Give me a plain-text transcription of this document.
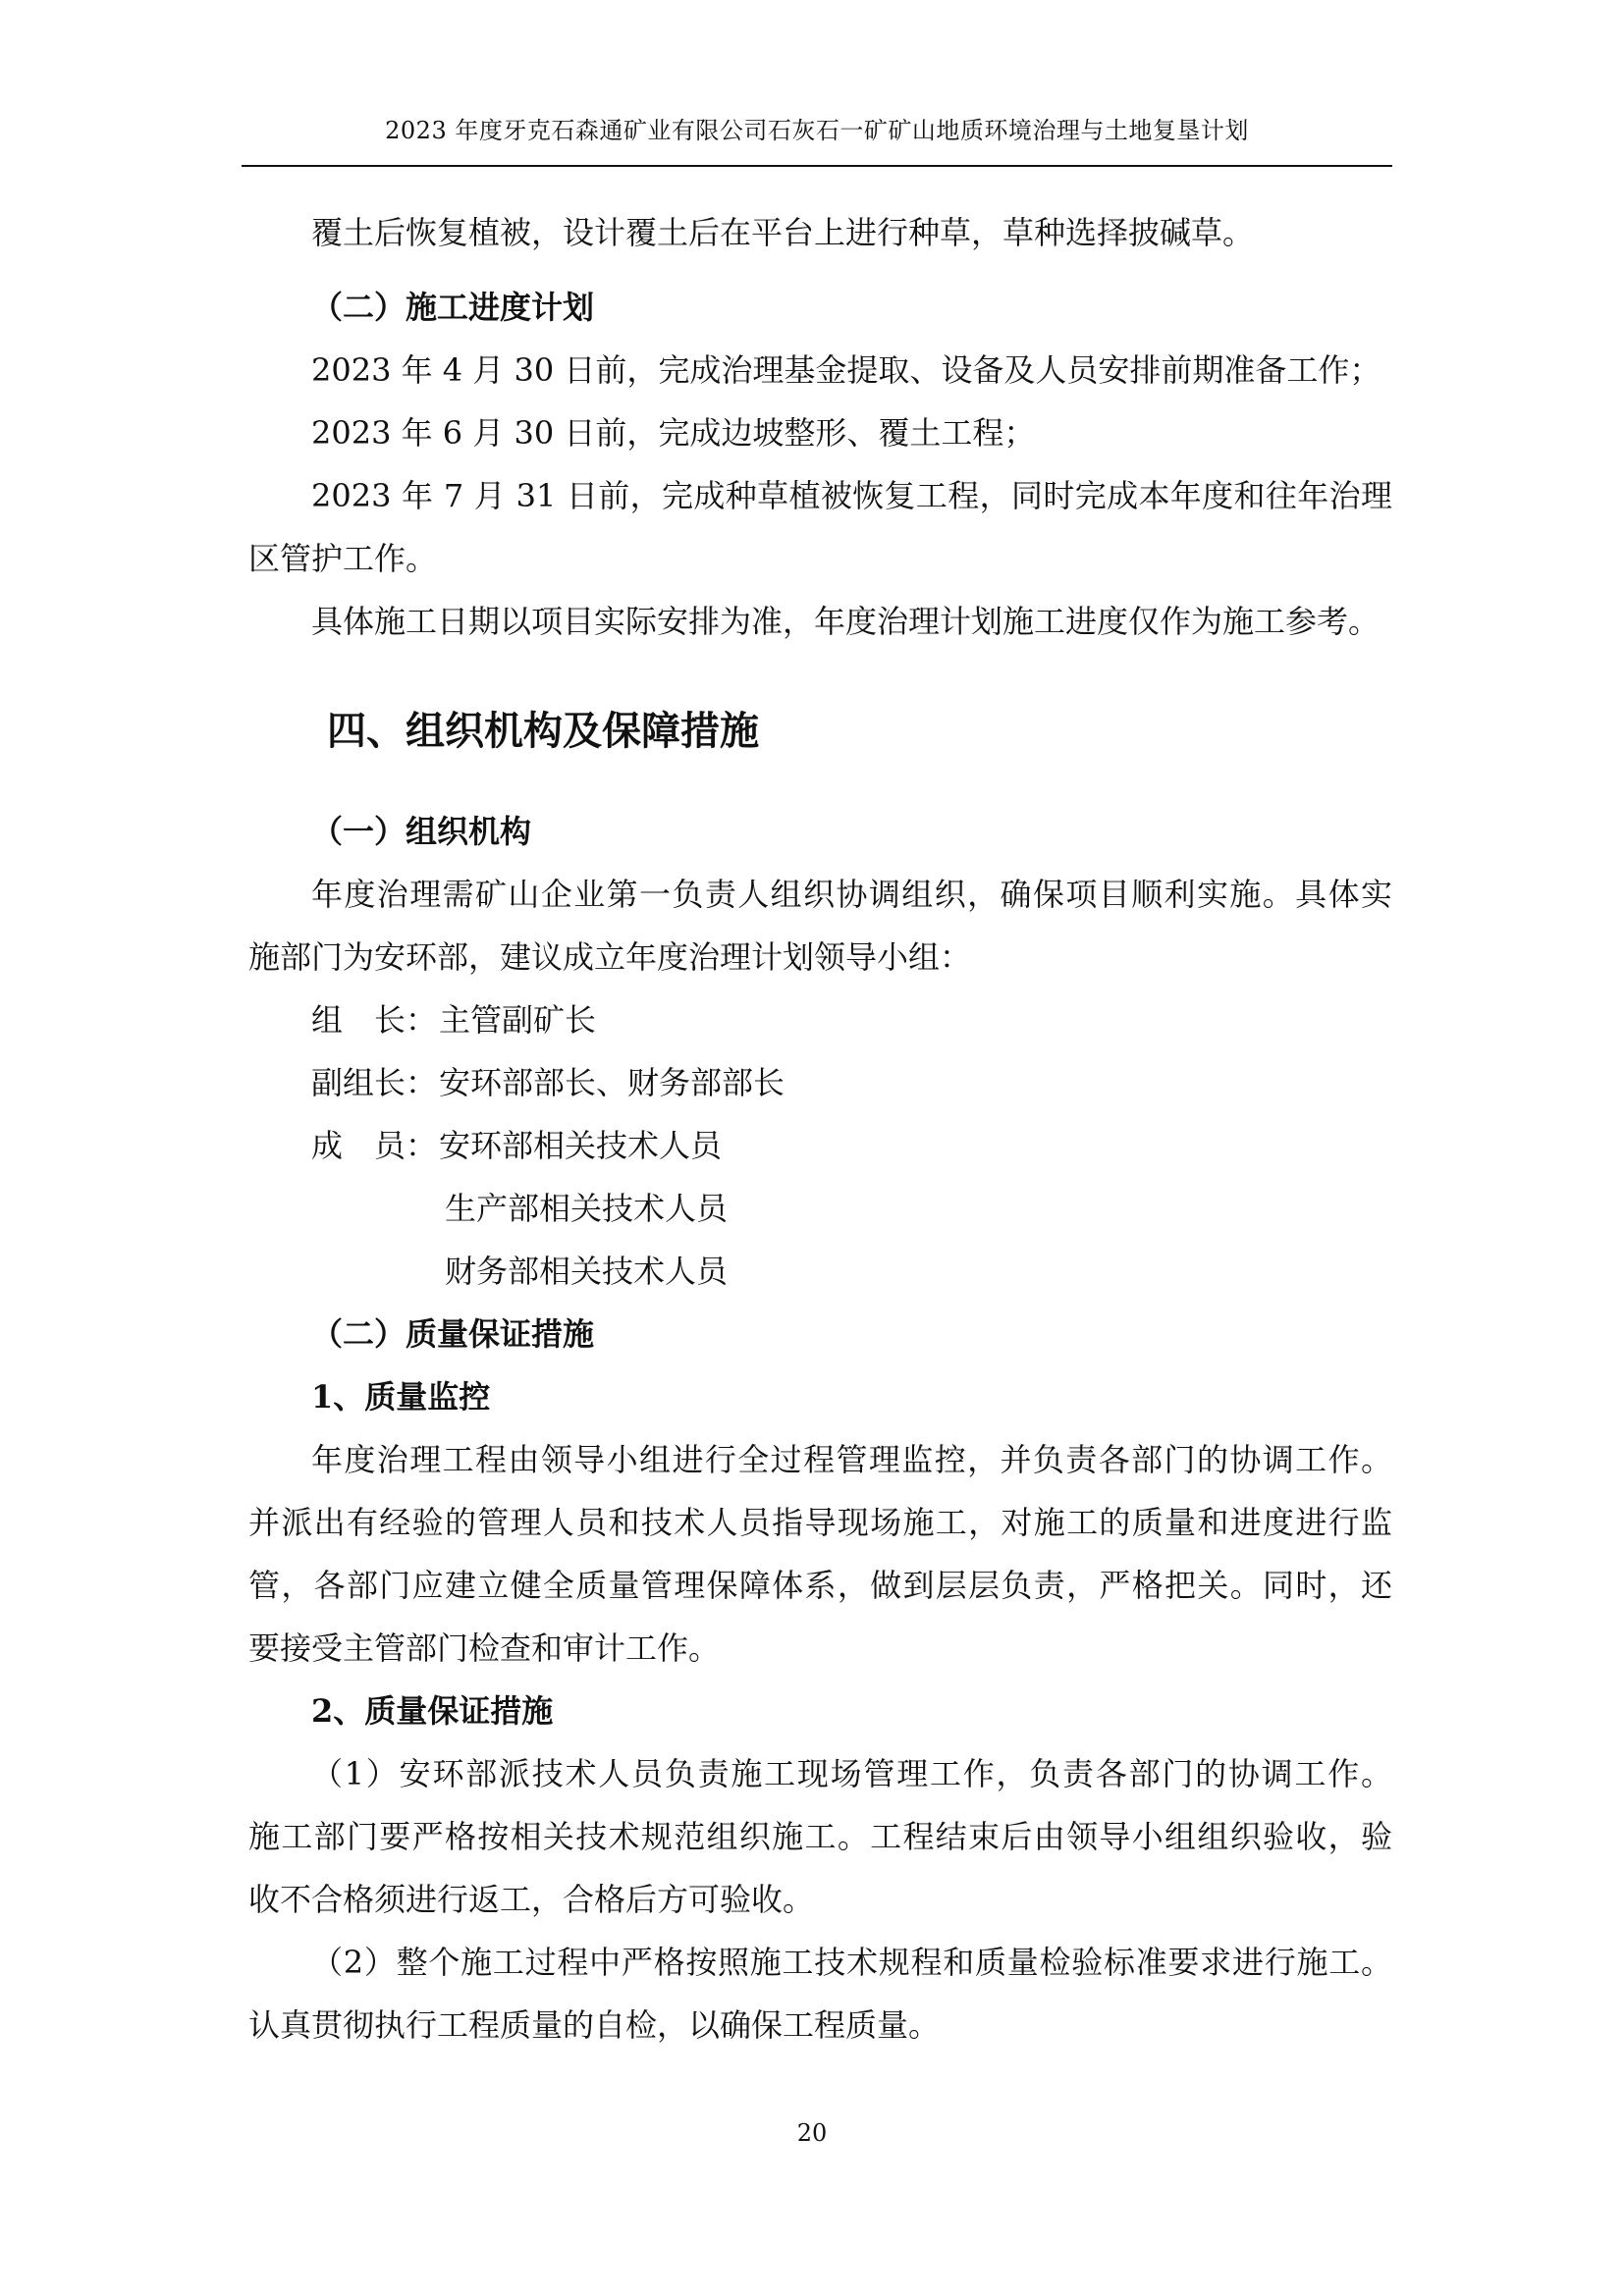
2023 年度牙克石森通矿业有限公司石灰石一矿矿山地质环境治理与土地复垦计划

覆土后恢复植被，设计覆土后在平台上进行种草，草种选择披碱草。

（二）施工进度计划

2023 年 4 月 30 日前，完成治理基金提取、设备及人员安排前期准备工作；

2023 年 6 月 30 日前，完成边坡整形、覆土工程；

2023 年 7 月 31 日前，完成种草植被恢复工程，同时完成本年度和往年治理

区管护工作。

具体施工日期以项目实际安排为准，年度治理计划施工进度仅作为施工参考。

四、组织机构及保障措施

（一）组织机构

年度治理需矿山企业第一负责人组织协调组织，确保项目顺利实施。具体实

施部门为安环部，建议成立年度治理计划领导小组：

组　长：主管副矿长

副组长：安环部部长、财务部部长

成　员：安环部相关技术人员

生产部相关技术人员

财务部相关技术人员

（二）质量保证措施

1、质量监控

年度治理工程由领导小组进行全过程管理监控，并负责各部门的协调工作。

并派出有经验的管理人员和技术人员指导现场施工，对施工的质量和进度进行监

管，各部门应建立健全质量管理保障体系，做到层层负责，严格把关。同时，还

要接受主管部门检查和审计工作。

2、质量保证措施

（1）安环部派技术人员负责施工现场管理工作，负责各部门的协调工作。

施工部门要严格按相关技术规范组织施工。工程结束后由领导小组组织验收，验

收不合格须进行返工，合格后方可验收。

（2）整个施工过程中严格按照施工技术规程和质量检验标准要求进行施工。

认真贯彻执行工程质量的自检，以确保工程质量。

20
